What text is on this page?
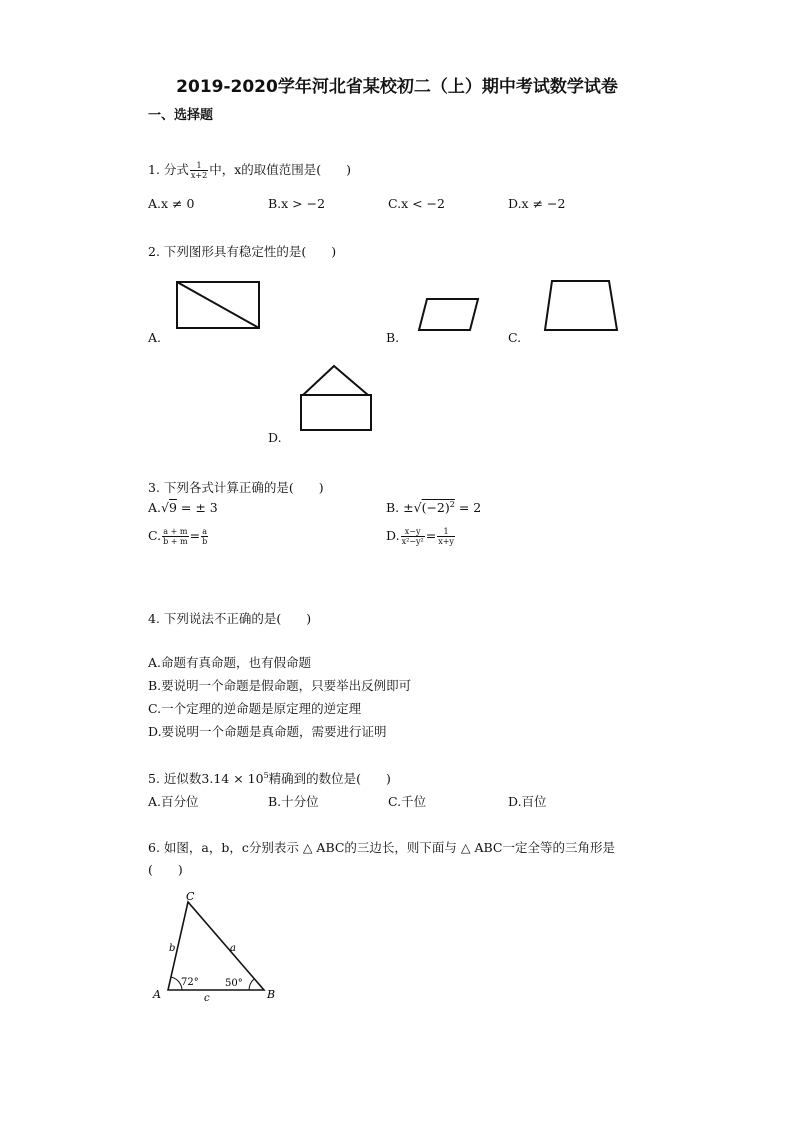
2019-2020学年河北省某校初二（上）期中考试数学试卷
一、选择题
1. 分式 $\frac{1}{x+2}$ 中，x的取值范围是(　　)
A.x ≠ 0	B.x > −2	C.x < −2	D.x ≠ −2
2. 下列图形具有稳定性的是(　　)
A.	B.	C.
D.
3. 下列各式计算正确的是(　　)
A.√9 = ± 3	B. $\pm√(-2)^2 = 2$
C. $\frac{a + m}{b + m} = \frac{a}{b}$	D. $\frac{x-y}{\text{x²−y²}} = \frac{1}{x+y}$
4. 下列说法不正确的是(　　)
A.命题有真命题，也有假命题
B.要说明一个命题是假命题，只要举出反例即可
C.一个定理的逆命题是原定理的逆定理
D.要说明一个命题是真命题，需要进行证明
5. 近似数$3.14 \times 10^5$精确到的数位是(　　)
A.百分位	B.十分位	C.千位	D.百位
6. 如图，a，b，c分别表示 △ ABC的三边长，则下面与 △ ABC一定全等的三角形是
(　　)
C
A	B
b	a
c
72°	50°
